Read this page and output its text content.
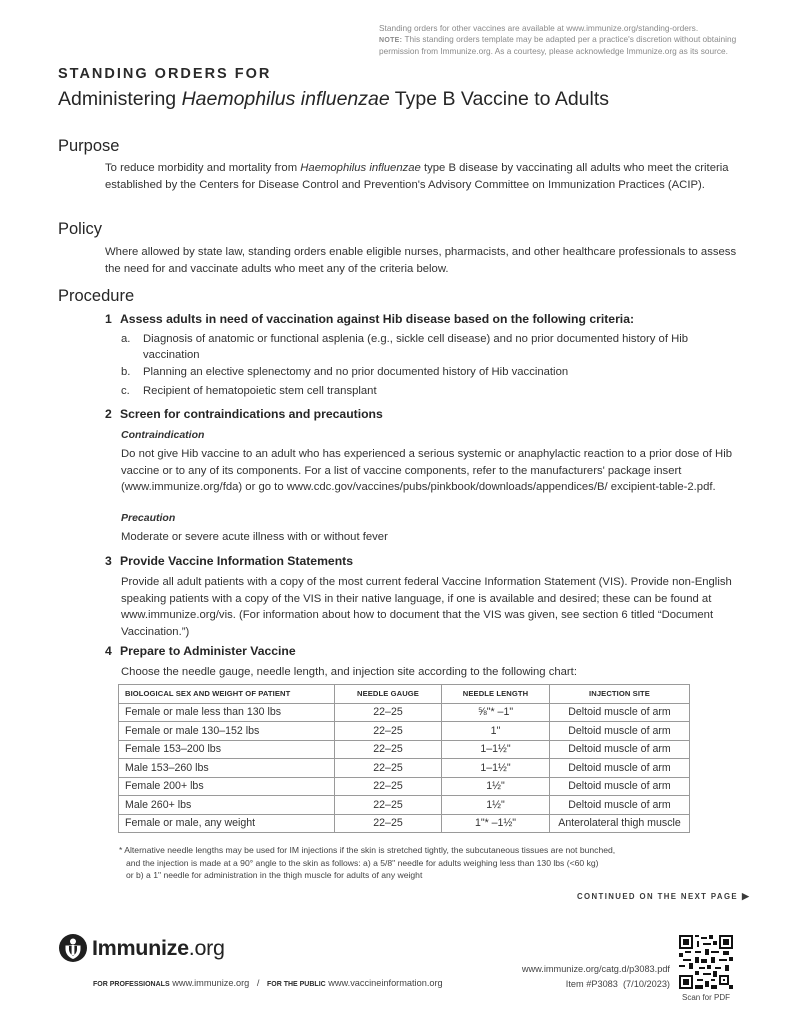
Standing orders for other vaccines are available at www.immunize.org/standing-orders.
NOTE: This standing orders template may be adapted per a practice's discretion without obtaining permission from Immunize.org. As a courtesy, please acknowledge Immunize.org as its source.
STANDING ORDERS FOR
Administering Haemophilus influenzae Type B Vaccine to Adults
Purpose
To reduce morbidity and mortality from Haemophilus influenzae type B disease by vaccinating all adults who meet the criteria established by the Centers for Disease Control and Prevention's Advisory Committee on Immunization Practices (ACIP).
Policy
Where allowed by state law, standing orders enable eligible nurses, pharmacists, and other healthcare professionals to assess the need for and vaccinate adults who meet any of the criteria below.
Procedure
1 Assess adults in need of vaccination against Hib disease based on the following criteria:
a. Diagnosis of anatomic or functional asplenia (e.g., sickle cell disease) and no prior documented history of Hib vaccination
b. Planning an elective splenectomy and no prior documented history of Hib vaccination
c. Recipient of hematopoietic stem cell transplant
2 Screen for contraindications and precautions
Contraindication
Do not give Hib vaccine to an adult who has experienced a serious systemic or anaphylactic reaction to a prior dose of Hib vaccine or to any of its components. For a list of vaccine components, refer to the manufacturers' package insert (www.immunize.org/fda) or go to www.cdc.gov/vaccines/pubs/pinkbook/downloads/appendices/B/ excipient-table-2.pdf.
Precaution
Moderate or severe acute illness with or without fever
3 Provide Vaccine Information Statements
Provide all adult patients with a copy of the most current federal Vaccine Information Statement (VIS). Provide non-English speaking patients with a copy of the VIS in their native language, if one is available and desired; these can be found at www.immunize.org/vis. (For information about how to document that the VIS was given, see section 6 titled “Document Vaccination.”)
4 Prepare to Administer Vaccine
Choose the needle gauge, needle length, and injection site according to the following chart:
BIOLOGICAL SEX AND WEIGHT OF PATIENT	NEEDLE GAUGE	NEEDLE LENGTH	INJECTION SITE
Female or male less than 130 lbs	22–25	⅝"* –1"	Deltoid muscle of arm
Female or male 130–152 lbs	22–25	1"	Deltoid muscle of arm
Female 153–200 lbs	22–25	1–1½"	Deltoid muscle of arm
Male 153–260 lbs	22–25	1–1½"	Deltoid muscle of arm
Female 200+ lbs	22–25	1½"	Deltoid muscle of arm
Male 260+ lbs	22–25	1½"	Deltoid muscle of arm
Female or male, any weight	22–25	1"* –1½"	Anterolateral thigh muscle
* Alternative needle lengths may be used for IM injections if the skin is stretched tightly, the subcutaneous tissues are not bunched,
and the injection is made at a 90° angle to the skin as follows: a) a 5/8" needle for adults weighing less than 130 lbs (<60 kg)
or b) a 1" needle for administration in the thigh muscle for adults of any weight
CONTINUED ON THE NEXT PAGE ▶
Immunize.org
FOR PROFESSIONALS www.immunize.org / FOR THE PUBLIC www.vaccineinformation.org
www.immunize.org/catg.d/p3083.pdf
Item #P3083  (7/10/2023)
Scan for PDF
